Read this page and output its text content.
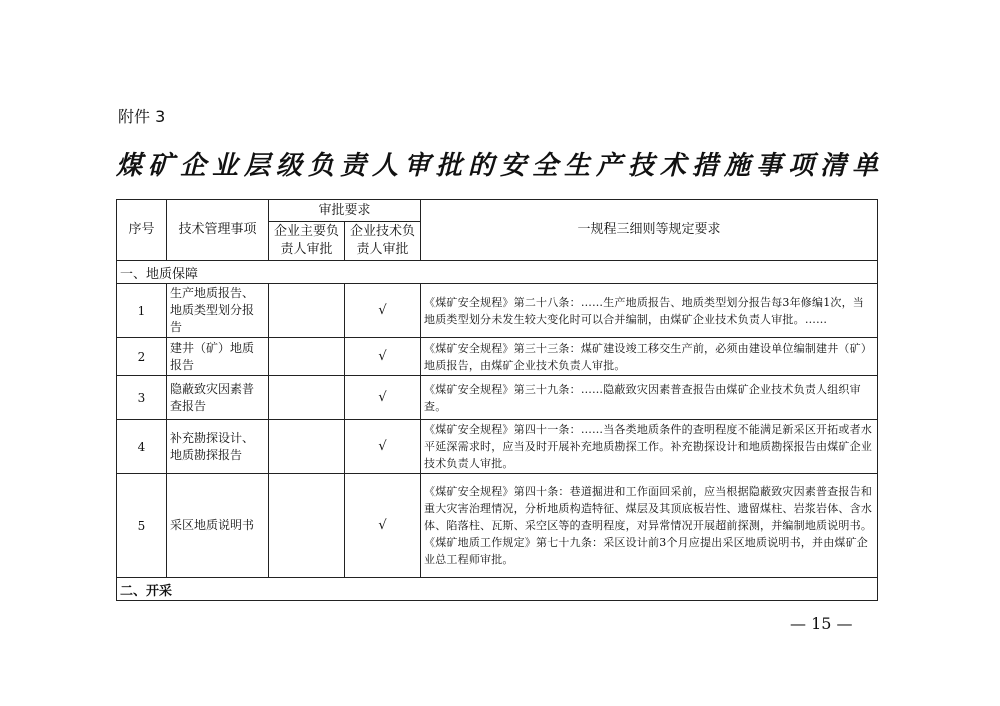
附件 3
煤矿企业层级负责人审批的安全生产技术措施事项清单
序号	技术管理事项	审批要求		一规程三细则等规定要求
		企业主要负责人审批	企业技术负责人审批	
一、地质保障				
1	生产地质报告、地质类型划分报告		√	《煤矿安全规程》第二十八条：……生产地质报告、地质类型划分报告每3年修编1次，当地质类型划分未发生较大变化时可以合并编制，由煤矿企业技术负责人审批。……
2	建井（矿）地质报告		√	《煤矿安全规程》第三十三条：煤矿建设竣工移交生产前，必须由建设单位编制建井（矿）地质报告，由煤矿企业技术负责人审批。
3	隐蔽致灾因素普查报告		√	《煤矿安全规程》第三十九条：……隐蔽致灾因素普查报告由煤矿企业技术负责人组织审查。
4	补充勘探设计、地质勘探报告		√	《煤矿安全规程》第四十一条：……当各类地质条件的查明程度不能满足新采区开拓或者水平延深需求时，应当及时开展补充地质勘探工作。补充勘探设计和地质勘探报告由煤矿企业技术负责人审批。
5	采区地质说明书		√	《煤矿安全规程》第四十条：巷道掘进和工作面回采前，应当根据隐蔽致灾因素普查报告和重大灾害治理情况，分析地质构造特征、煤层及其顶底板岩性、遗留煤柱、岩浆岩体、含水体、陷落柱、瓦斯、采空区等的查明程度，对异常情况开展超前探测，并编制地质说明书。
《煤矿地质工作规定》第七十九条：采区设计前3个月应提出采区地质说明书，并由煤矿企业总工程师审批。

二、开采				
— 15 —
